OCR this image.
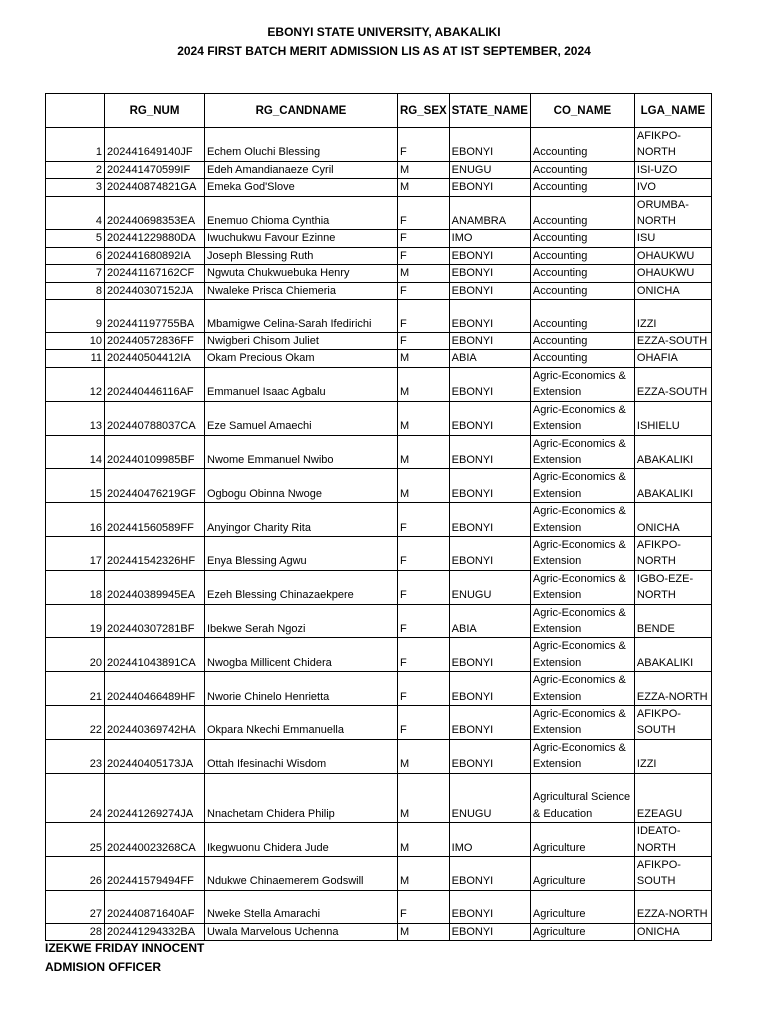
EBONYI STATE UNIVERSITY, ABAKALIKI
2024 FIRST BATCH MERIT ADMISSION LIS AS AT IST SEPTEMBER, 2024
	RG_NUM	RG_CANDNAME	RG_SEX	STATE_NAME	CO_NAME	LGA_NAME
1	202441649140JF	Echem Oluchi Blessing	F	EBONYI	Accounting	AFIKPO-NORTH
2	202441470599IF	Edeh Amandianaeze Cyril	M	ENUGU	Accounting	ISI-UZO
3	202440874821GA	Emeka God'Slove	M	EBONYI	Accounting	IVO
4	202440698353EA	Enemuo Chioma Cynthia	F	ANAMBRA	Accounting	ORUMBA-NORTH
5	202441229880DA	Iwuchukwu Favour Ezinne	F	IMO	Accounting	ISU
6	202441680892IA	Joseph Blessing Ruth	F	EBONYI	Accounting	OHAUKWU
7	202441167162CF	Ngwuta Chukwuebuka Henry	M	EBONYI	Accounting	OHAUKWU
8	202440307152JA	Nwaleke Prisca Chiemeria	F	EBONYI	Accounting	ONICHA
9	202441197755BA	Mbamigwe Celina-Sarah Ifedirichi	F	EBONYI	Accounting	IZZI
10	202440572836FF	Nwigberi Chisom Juliet	F	EBONYI	Accounting	EZZA-SOUTH
11	202440504412IA	Okam Precious Okam	M	ABIA	Accounting	OHAFIA
12	202440446116AF	Emmanuel Isaac Agbalu	M	EBONYI	Agric-Economics & Extension	EZZA-SOUTH
13	202440788037CA	Eze Samuel Amaechi	M	EBONYI	Agric-Economics & Extension	ISHIELU
14	202440109985BF	Nwome Emmanuel Nwibo	M	EBONYI	Agric-Economics & Extension	ABAKALIKI
15	202440476219GF	Ogbogu Obinna Nwoge	M	EBONYI	Agric-Economics & Extension	ABAKALIKI
16	202441560589FF	Anyingor Charity Rita	F	EBONYI	Agric-Economics & Extension	ONICHA
17	202441542326HF	Enya Blessing Agwu	F	EBONYI	Agric-Economics & Extension	AFIKPO-NORTH
18	202440389945EA	Ezeh Blessing Chinazaekpere	F	ENUGU	Agric-Economics & Extension	IGBO-EZE-NORTH
19	202440307281BF	Ibekwe Serah Ngozi	F	ABIA	Agric-Economics & Extension	BENDE
20	202441043891CA	Nwogba Millicent Chidera	F	EBONYI	Agric-Economics & Extension	ABAKALIKI
21	202440466489HF	Nworie Chinelo Henrietta	F	EBONYI	Agric-Economics & Extension	EZZA-NORTH
22	202440369742HA	Okpara Nkechi Emmanuella	F	EBONYI	Agric-Economics & Extension	AFIKPO-SOUTH
23	202440405173JA	Ottah Ifesinachi Wisdom	M	EBONYI	Agric-Economics & Extension	IZZI
24	202441269274JA	Nnachetam Chidera Philip	M	ENUGU	Agricultural Science & Education	EZEAGU
25	202440023268CA	Ikegwuonu Chidera Jude	M	IMO	Agriculture	IDEATO-NORTH
26	202441579494FF	Ndukwe Chinaemerem Godswill	M	EBONYI	Agriculture	AFIKPO-SOUTH
27	202440871640AF	Nweke Stella Amarachi	F	EBONYI	Agriculture	EZZA-NORTH
28	202441294332BA	Uwala Marvelous Uchenna	M	EBONYI	Agriculture	ONICHA
IZEKWE FRIDAY INNOCENT
ADMISION OFFICER
